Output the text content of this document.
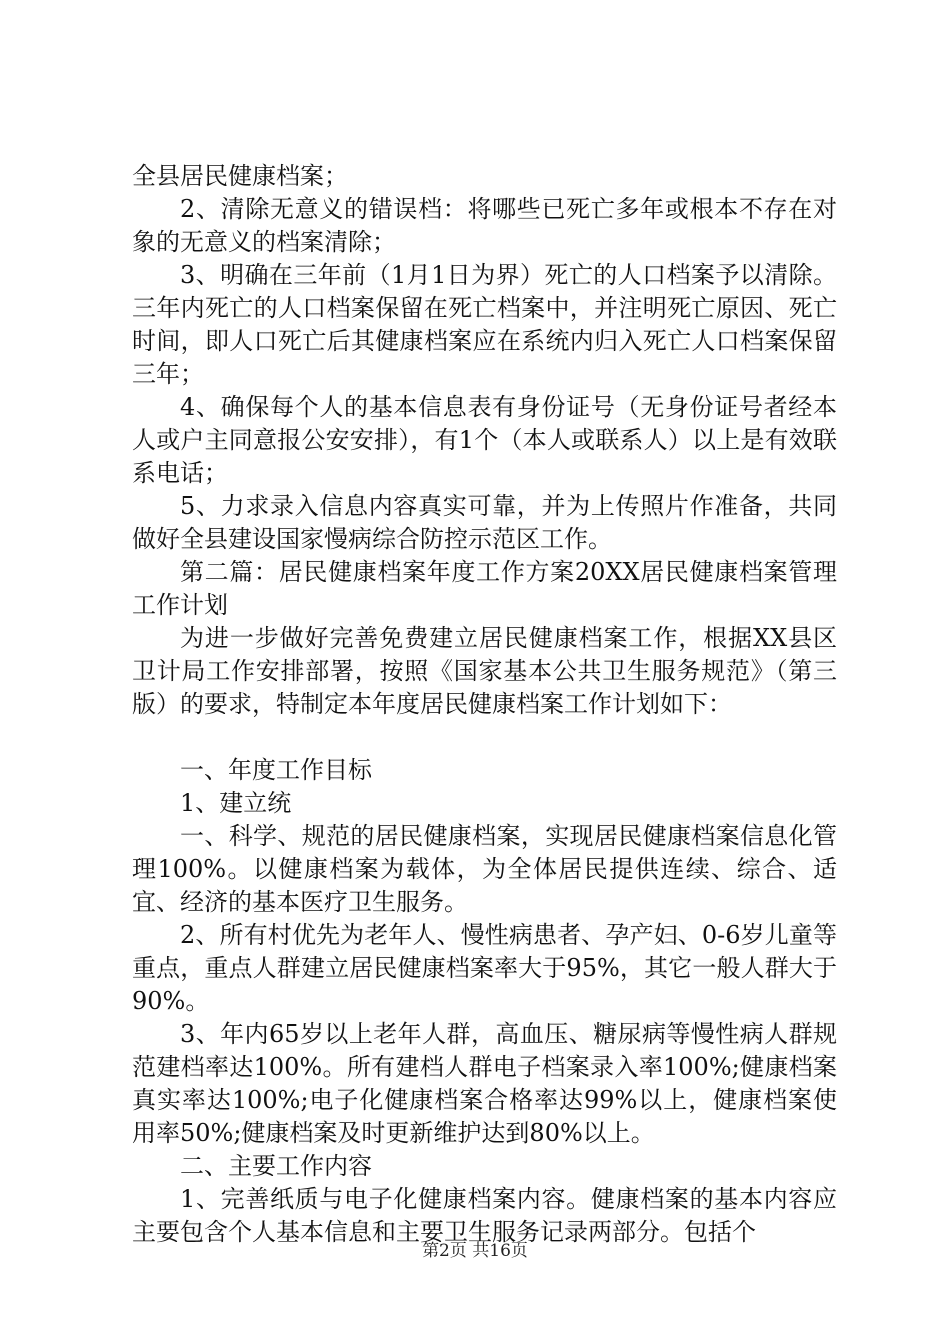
全县居民健康档案；

2、清除无意义的错误档：将哪些已死亡多年或根本不存在对象的无意义的档案清除；

3、明确在三年前（1月1日为界）死亡的人口档案予以清除。三年内死亡的人口档案保留在死亡档案中，并注明死亡原因、死亡时间，即人口死亡后其健康档案应在系统内归入死亡人口档案保留三年；

4、确保每个人的基本信息表有身份证号（无身份证号者经本人或户主同意报公安安排），有1个（本人或联系人）以上是有效联系电话；

5、力求录入信息内容真实可靠，并为上传照片作准备，共同做好全县建设国家慢病综合防控示范区工作。

第二篇：居民健康档案年度工作方案20XX居民健康档案管理工作计划

为进一步做好完善免费建立居民健康档案工作，根据XX县区卫计局工作安排部署，按照《国家基本公共卫生服务规范》（第三版）的要求，特制定本年度居民健康档案工作计划如下：

一、年度工作目标

1、建立统

一、科学、规范的居民健康档案，实现居民健康档案信息化管理100%。以健康档案为载体，为全体居民提供连续、综合、适宜、经济的基本医疗卫生服务。

2、所有村优先为老年人、慢性病患者、孕产妇、0-6岁儿童等重点，重点人群建立居民健康档案率大于95%，其它一般人群大于90%。

3、年内65岁以上老年人群，高血压、糖尿病等慢性病人群规范建档率达100%。所有建档人群电子档案录入率100%;健康档案真实率达100%;电子化健康档案合格率达99%以上，健康档案使用率50%;健康档案及时更新维护达到80%以上。

二、主要工作内容

1、完善纸质与电子化健康档案内容。健康档案的基本内容应主要包含个人基本信息和主要卫生服务记录两部分。包括个

第2页 共16页
